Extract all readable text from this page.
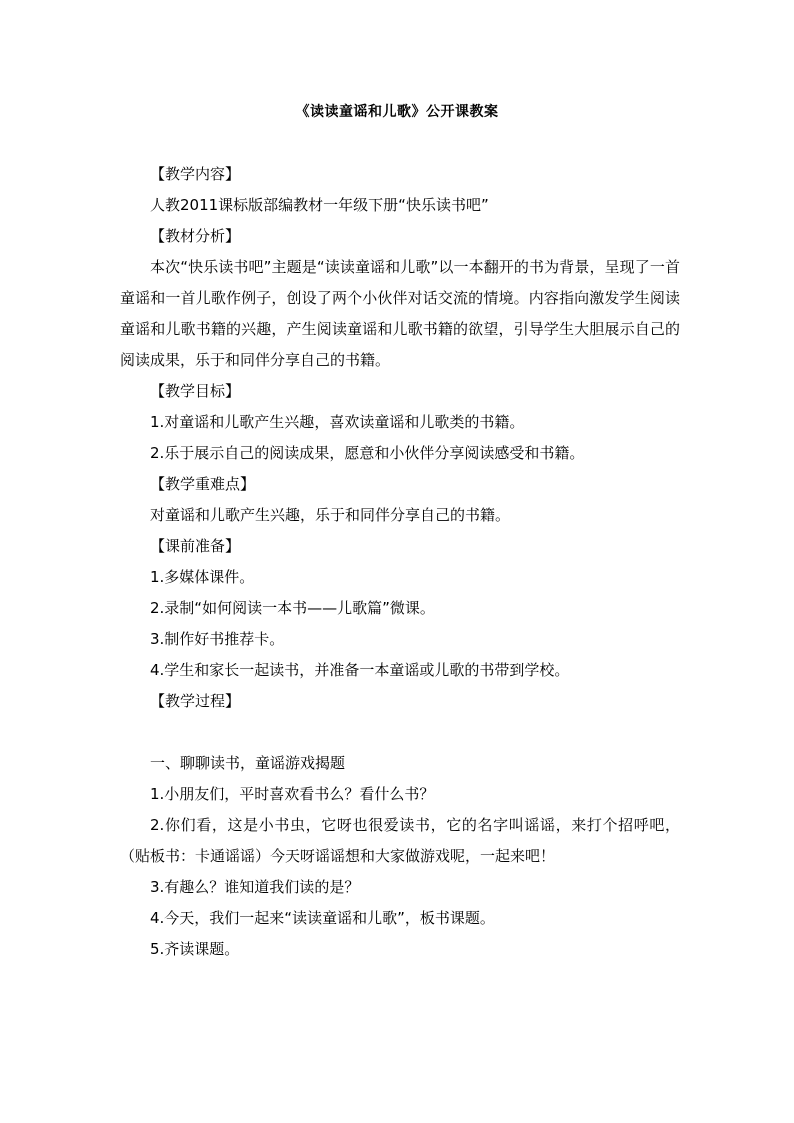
《读读童谣和儿歌》公开课教案

【教学内容】

人教2011课标版部编教材一年级下册“快乐读书吧”

【教材分析】

本次“快乐读书吧”主题是“读读童谣和儿歌”以一本翻开的书为背景，呈现了一首童谣和一首儿歌作例子，创设了两个小伙伴对话交流的情境。内容指向激发学生阅读童谣和儿歌书籍的兴趣，产生阅读童谣和儿歌书籍的欲望，引导学生大胆展示自己的阅读成果，乐于和同伴分享自己的书籍。

【教学目标】

1.对童谣和儿歌产生兴趣，喜欢读童谣和儿歌类的书籍。

2.乐于展示自己的阅读成果，愿意和小伙伴分享阅读感受和书籍。

【教学重难点】

对童谣和儿歌产生兴趣，乐于和同伴分享自己的书籍。

【课前准备】

1.多媒体课件。

2.录制“如何阅读一本书——儿歌篇”微课。

3.制作好书推荐卡。

4.学生和家长一起读书，并准备一本童谣或儿歌的书带到学校。

【教学过程】

一、聊聊读书，童谣游戏揭题

1.小朋友们，平时喜欢看书么？看什么书？

2.你们看，这是小书虫，它呀也很爱读书，它的名字叫谣谣，来打个招呼吧，（贴板书：卡通谣谣）今天呀谣谣想和大家做游戏呢，一起来吧！

3.有趣么？谁知道我们读的是？

4.今天，我们一起来“读读童谣和儿歌”，板书课题。

5.齐读课题。
